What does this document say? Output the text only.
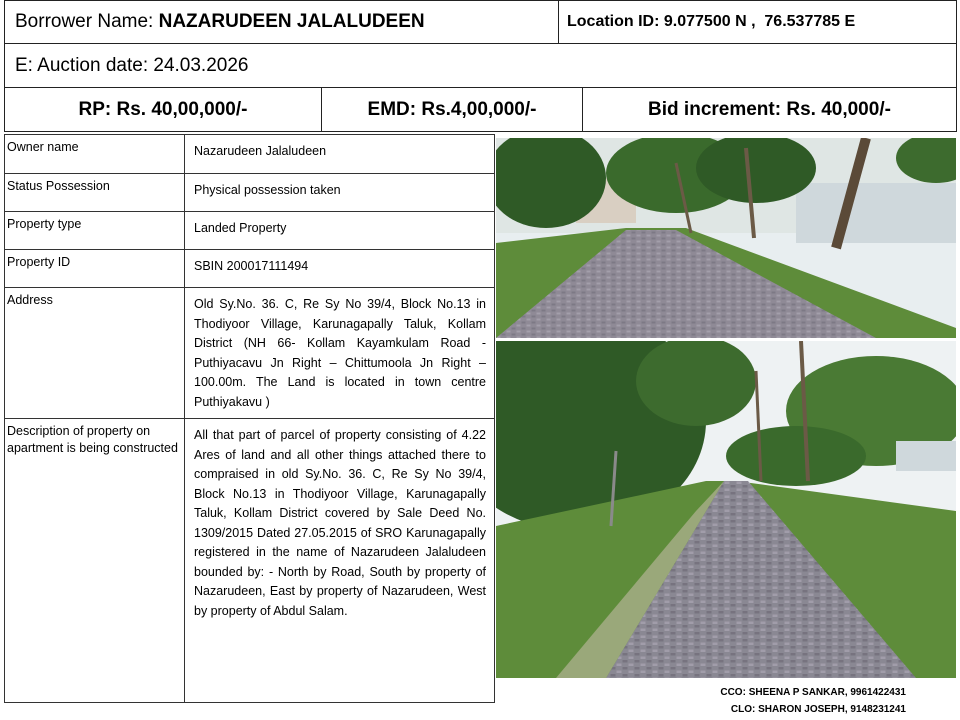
Borrower Name: NAZARUDEEN JALALUDEEN	Location ID: 9.077500 N ,  76.537785 E
E: Auction date: 24.03.2026
RP: Rs. 40,00,000/-	EMD: Rs.4,00,000/-	Bid increment: Rs. 40,000/-
Owner name	Nazarudeen Jalaludeen
Status Possession	Physical possession taken
Property type	Landed Property
Property ID	SBIN 200017111494
Address	Old Sy.No. 36. C, Re Sy No 39/4, Block No.13 in Thodiyoor Village, Karunagapally Taluk, Kollam District (NH 66- Kollam Kayamkulam Road - Puthiyacavu Jn Right – Chittumoola Jn Right – 100.00m. The Land is located in town centre Puthiyakavu )
Description of property on apartment is being constructed	All that part of parcel of property consisting of 4.22 Ares of land and all other things attached there to compraised in old Sy.No. 36. C, Re Sy No 39/4, Block No.13 in Thodiyoor Village, Karunagapally Taluk, Kollam District covered by Sale Deed No. 1309/2015 Dated 27.05.2015 of SRO Karunagapally registered in the name of Nazarudeen Jalaludeen bounded by: - North by Road, South by property of Nazarudeen, East by property of Nazarudeen, West by property of Abdul Salam.
CCO: SHEENA P SANKAR, 9961422431
CLO: SHARON JOSEPH, 9148231241
